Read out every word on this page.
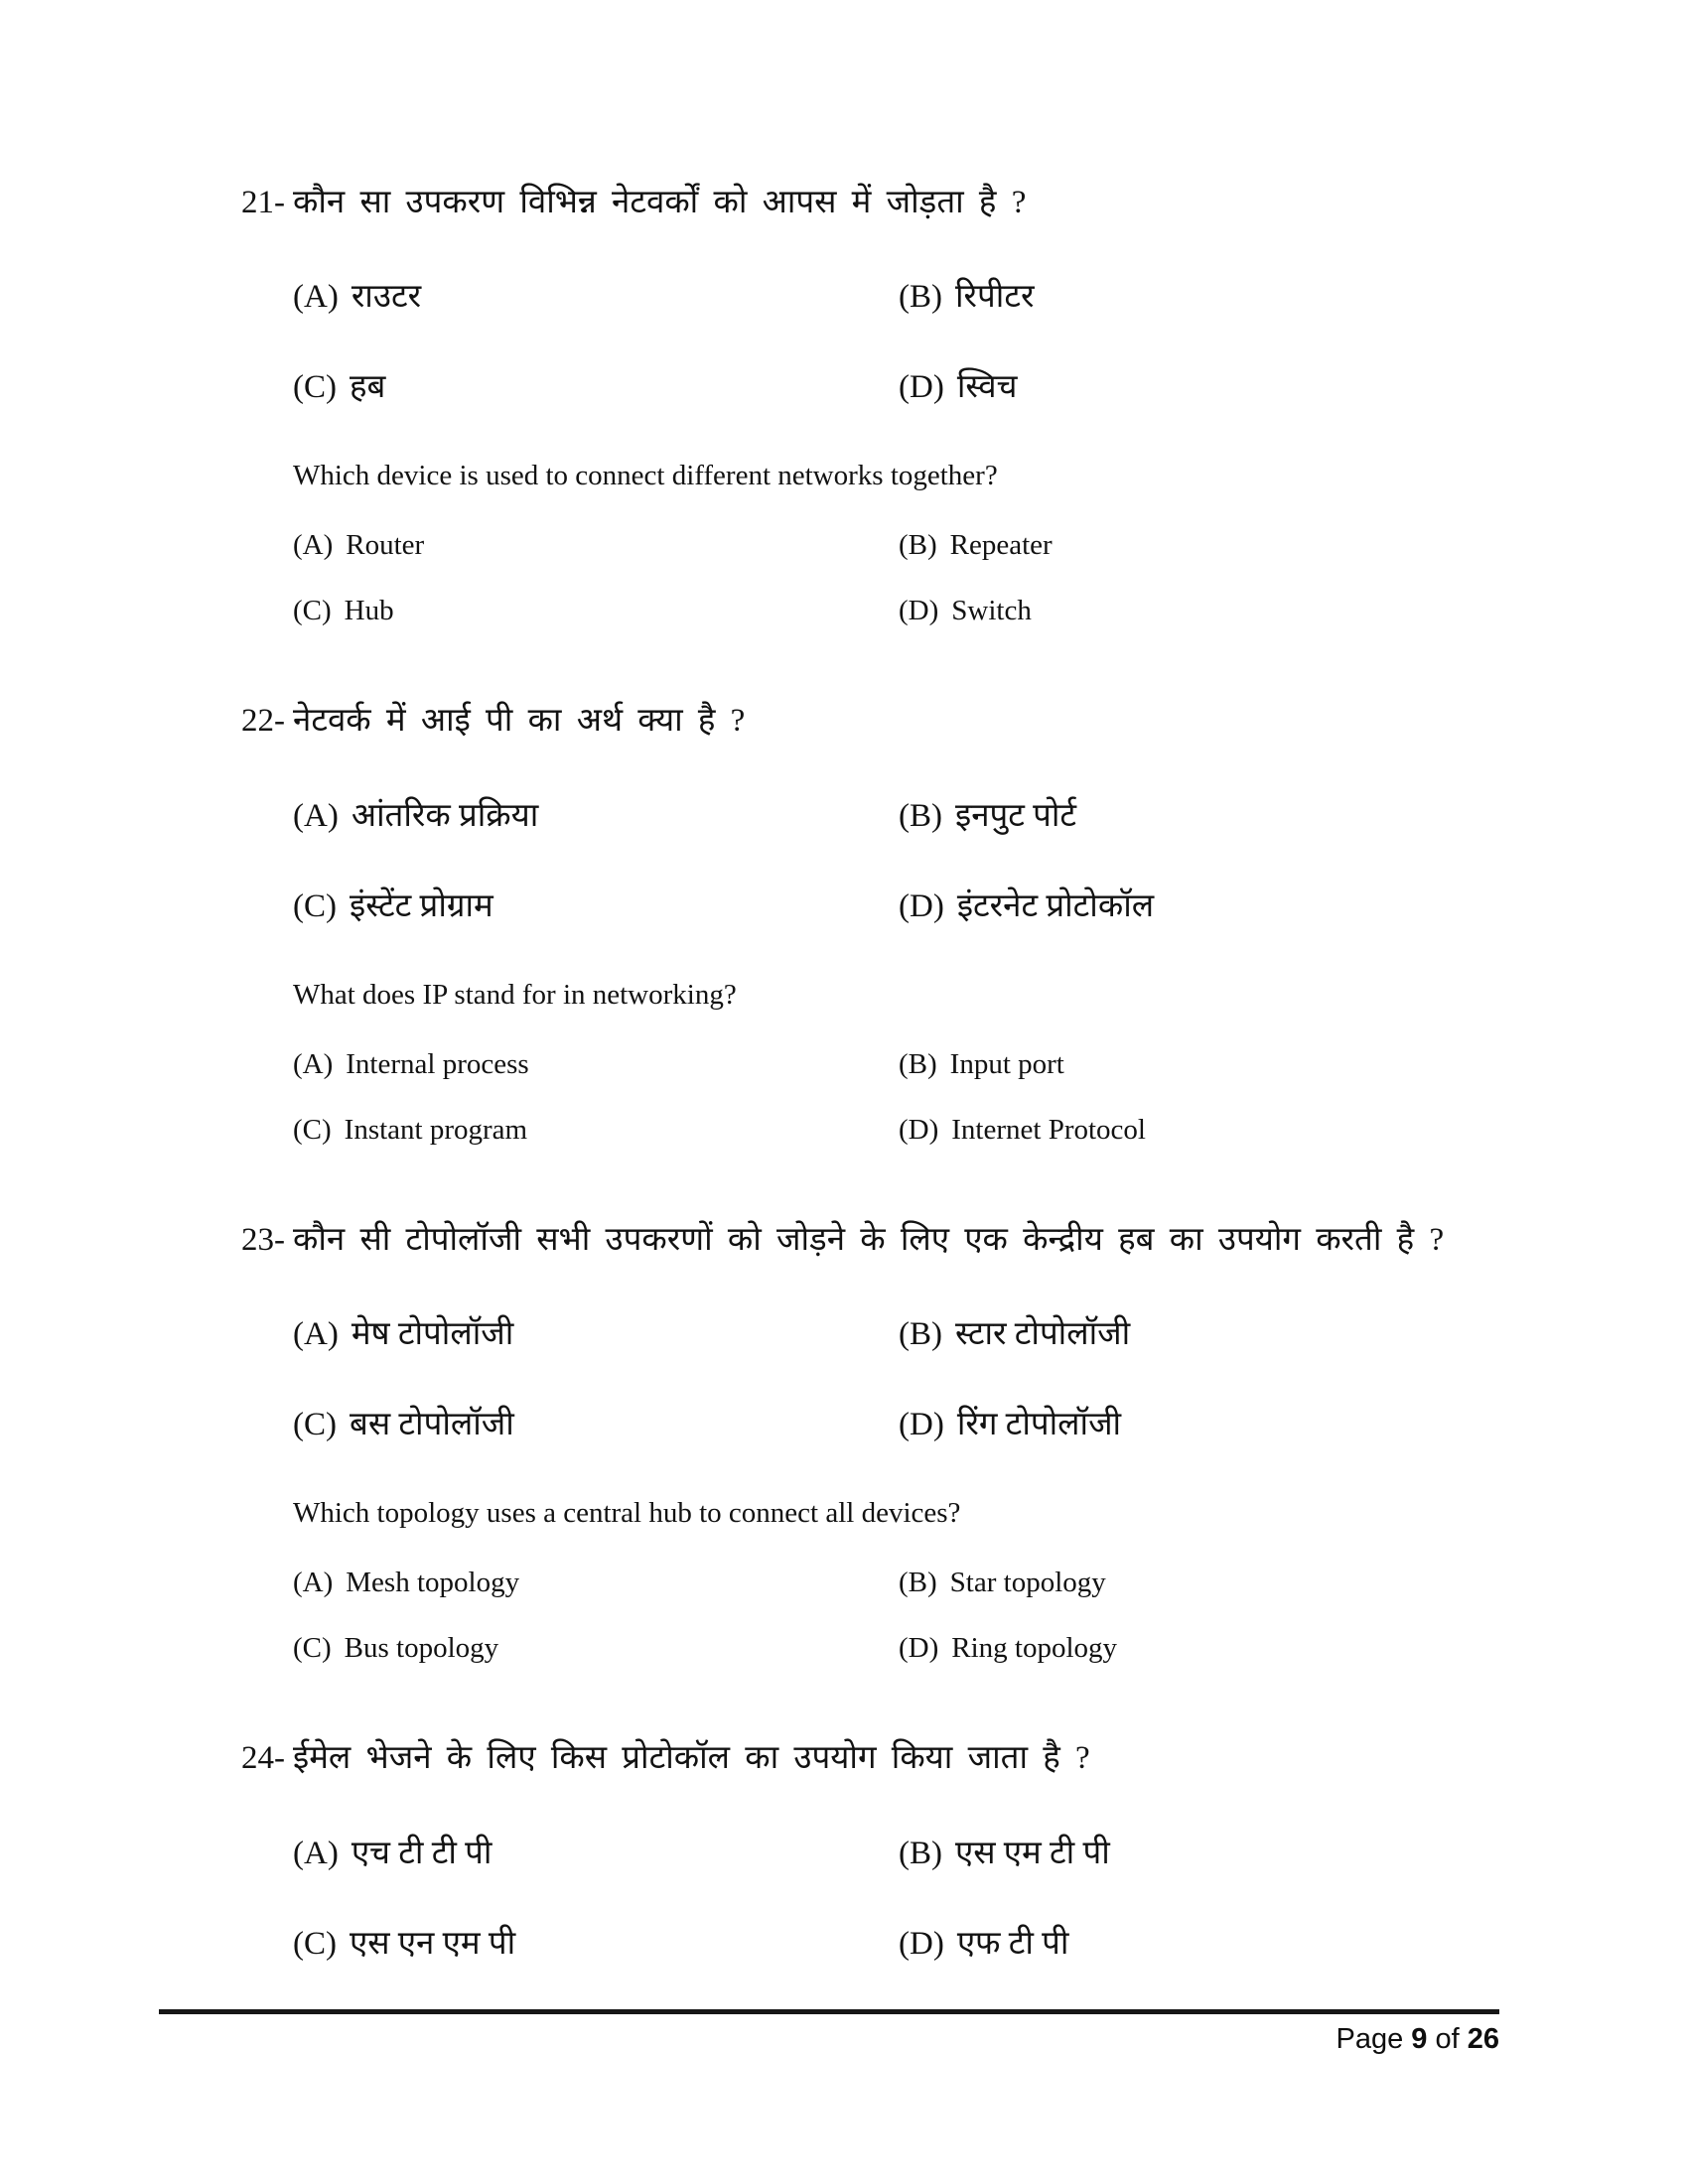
21- कौन सा उपकरण विभिन्न नेटवर्कों को आपस में जोड़ता है ?
(A) राउटर	(B) रिपीटर
(C) हब	(D) स्विच
Which device is used to connect different networks together?
(A) Router	(B) Repeater
(C) Hub	(D) Switch
22- नेटवर्क में आई पी का अर्थ क्या है ?
(A) आंतरिक प्रक्रिया	(B) इनपुट पोर्ट
(C) इंस्टेंट प्रोग्राम	(D) इंटरनेट प्रोटोकॉल
What does IP stand for in networking?
(A) Internal process	(B) Input port
(C) Instant program	(D) Internet Protocol
23- कौन सी टोपोलॉजी सभी उपकरणों को जोड़ने के लिए एक केन्द्रीय हब का उपयोग करती है ?
(A) मेष टोपोलॉजी	(B) स्टार टोपोलॉजी
(C) बस टोपोलॉजी	(D) रिंग टोपोलॉजी
Which topology uses a central hub to connect all devices?
(A) Mesh topology	(B) Star topology
(C) Bus topology	(D) Ring topology
24- ईमेल भेजने के लिए किस प्रोटोकॉल का उपयोग किया जाता है ?
(A) एच टी टी पी	(B) एस एम टी पी
(C) एस एन एम पी	(D) एफ टी पी
Page 9 of 26
